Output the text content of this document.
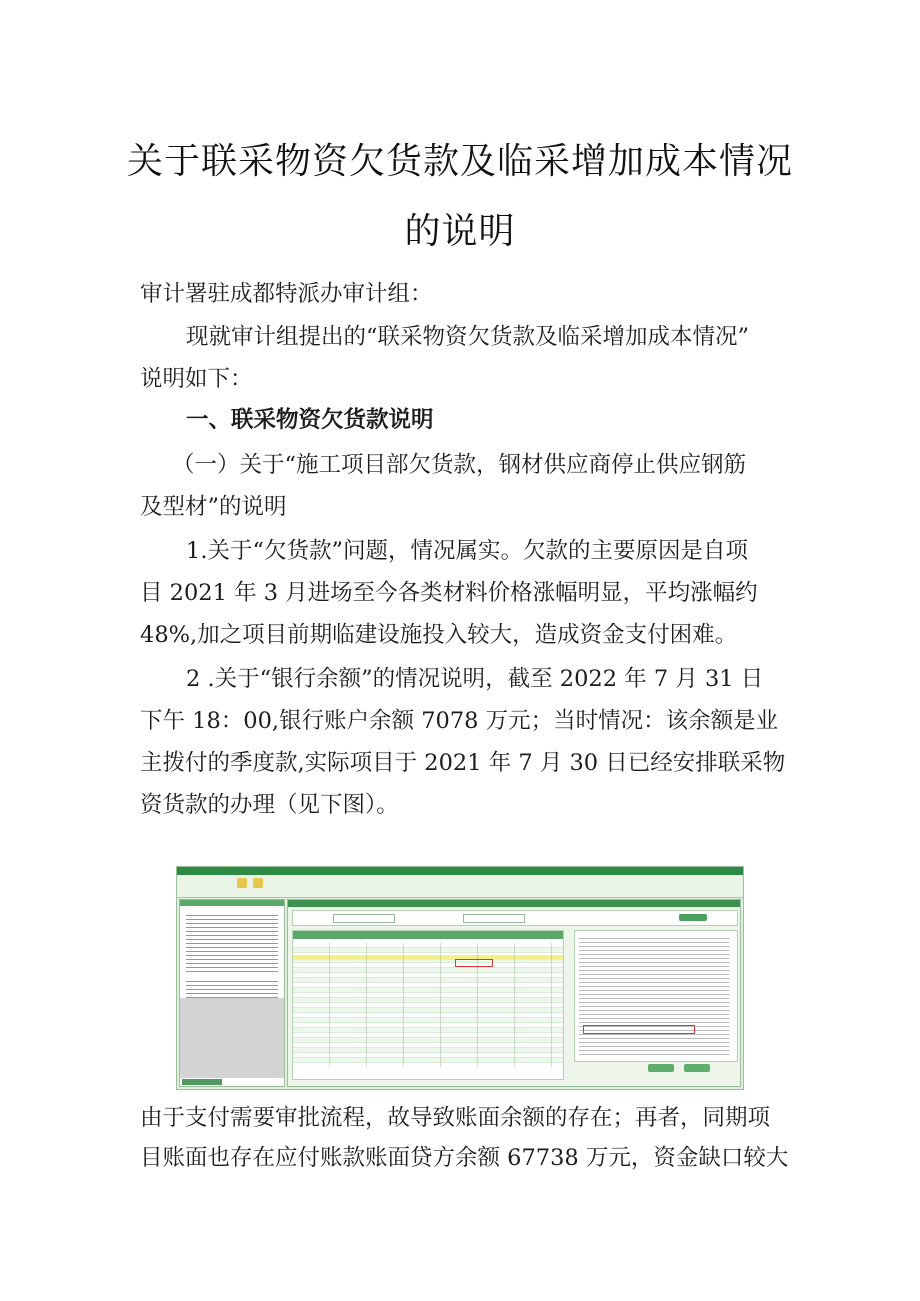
关于联采物资欠货款及临采增加成本情况
的说明
审计署驻成都特派办审计组：
现就审计组提出的“联采物资欠货款及临采增加成本情况”
说明如下：
一、联采物资欠货款说明
（一）关于“施工项目部欠货款，钢材供应商停止供应钢筋
及型材”的说明
1.关于“欠货款”问题，情况属实。欠款的主要原因是自项
目 2021 年 3 月进场至今各类材料价格涨幅明显，平均涨幅约
48%,加之项目前期临建设施投入较大，造成资金支付困难。
2 .关于“银行余额”的情况说明，截至 2022 年 7 月 31 日
下午 18：00,银行账户余额 7078 万元；当时情况：该余额是业
主拨付的季度款,实际项目于 2021 年 7 月 30 日已经安排联采物
资货款的办理（见下图）。
由于支付需要审批流程，故导致账面余额的存在；再者，同期项
目账面也存在应付账款账面贷方余额 67738 万元，资金缺口较大
